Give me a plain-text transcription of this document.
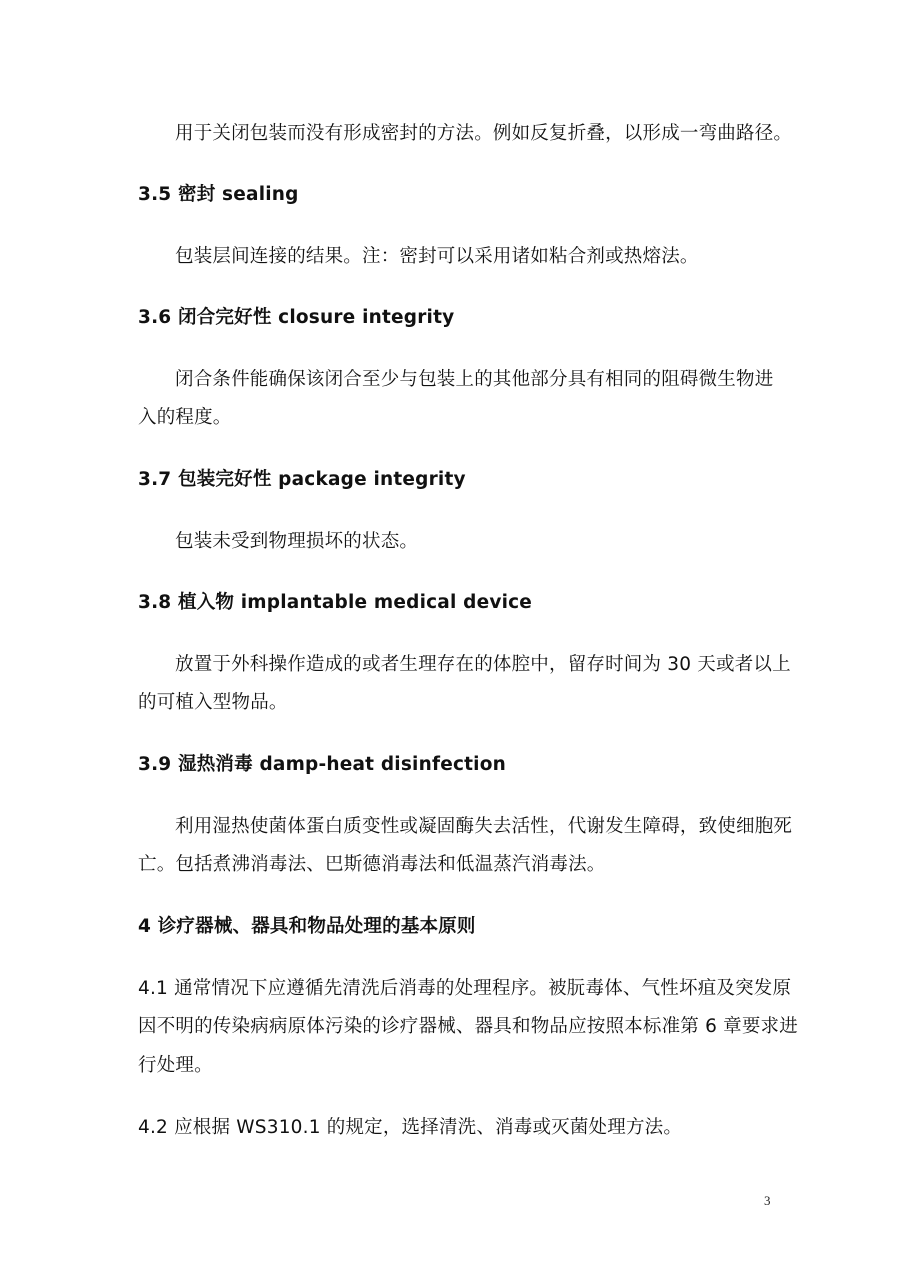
用于关闭包装而没有形成密封的方法。例如反复折叠，以形成一弯曲路径。
3.5 密封 sealing
包装层间连接的结果。注：密封可以采用诸如粘合剂或热熔法。
3.6 闭合完好性 closure integrity
闭合条件能确保该闭合至少与包装上的其他部分具有相同的阻碍微生物进
入的程度。
3.7 包装完好性 package integrity
包装未受到物理损坏的状态。
3.8 植入物 implantable medical device
放置于外科操作造成的或者生理存在的体腔中，留存时间为 30 天或者以上
的可植入型物品。
3.9 湿热消毒 damp-heat disinfection
利用湿热使菌体蛋白质变性或凝固酶失去活性，代谢发生障碍，致使细胞死
亡。包括煮沸消毒法、巴斯德消毒法和低温蒸汽消毒法。
4 诊疗器械、器具和物品处理的基本原则
4.1 通常情况下应遵循先清洗后消毒的处理程序。被朊毒体、气性坏疽及突发原
因不明的传染病病原体污染的诊疗器械、器具和物品应按照本标准第 6 章要求进
行处理。
4.2 应根据 WS310.1 的规定，选择清洗、消毒或灭菌处理方法。
3
